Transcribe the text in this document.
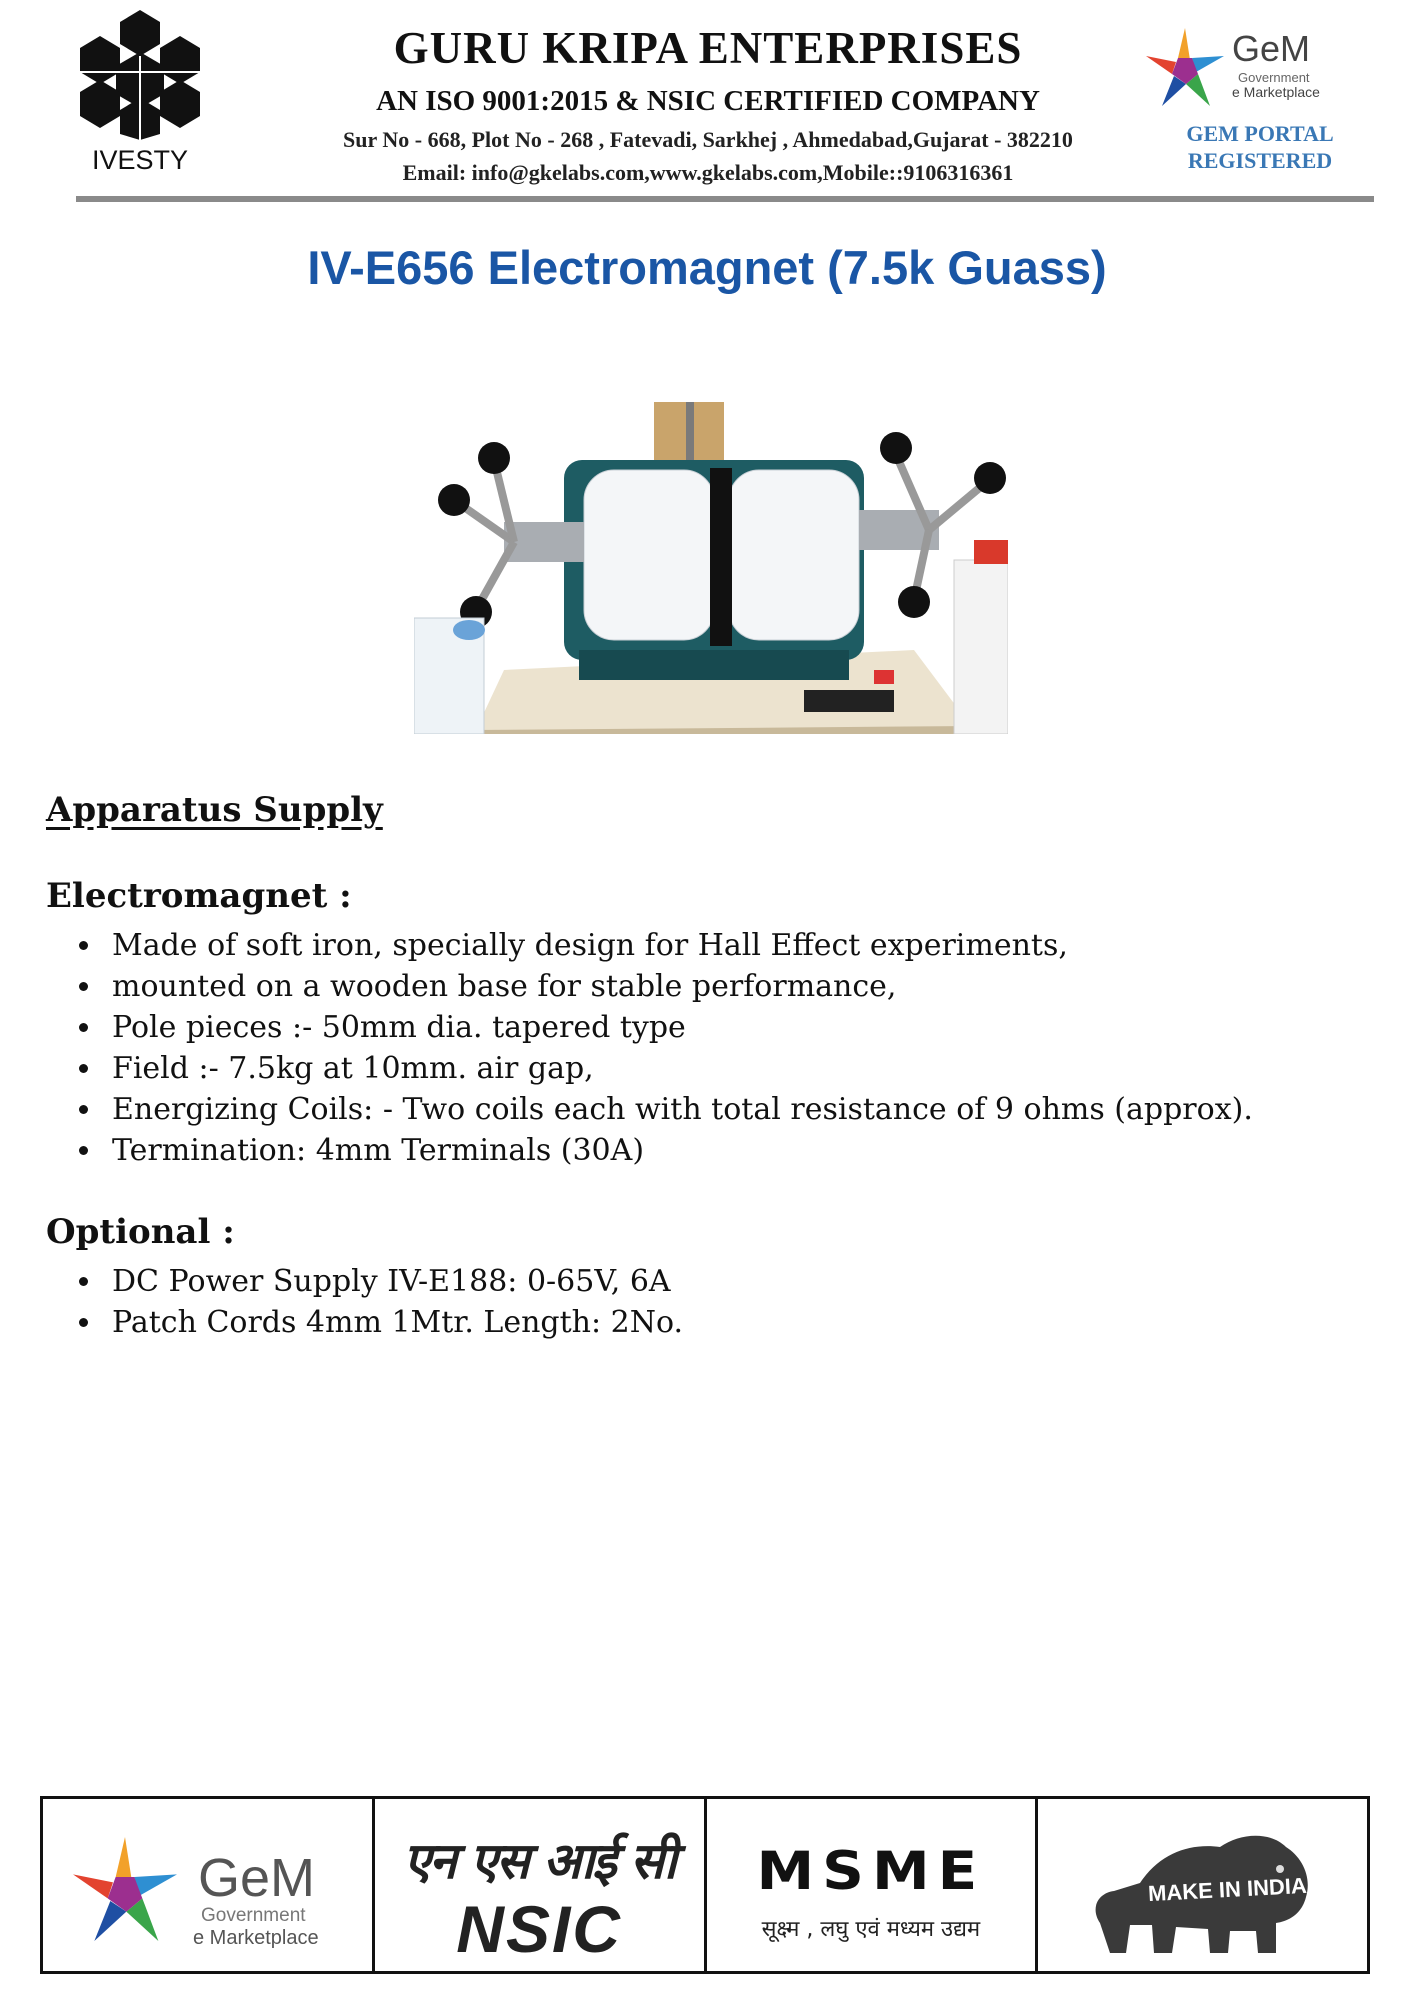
IVESTY
GURU KRIPA ENTERPRISES
AN ISO 9001:2015 & NSIC CERTIFIED COMPANY
Sur No - 668, Plot No - 268 , Fatevadi, Sarkhej , Ahmedabad,Gujarat - 382210
Email: info@gkelabs.com,www.gkelabs.com,Mobile::9106316361
GeM
Government
e Marketplace
GEM PORTAL
REGISTERED
IV-E656 Electromagnet (7.5k Guass)
Apparatus Supply
Electromagnet :
Made of soft iron, specially design for Hall Effect experiments,
mounted on a wooden base for stable performance,
Pole pieces :- 50mm dia. tapered type
Field :- 7.5kg at 10mm. air gap,
Energizing Coils: - Two coils each with total resistance of 9 ohms (approx).
Termination: 4mm Terminals (30A)
Optional :
DC Power Supply IV-E188: 0-65V, 6A
Patch Cords 4mm 1Mtr. Length: 2No.
GeM
Government
e Marketplace
एन एस आई सी
NSIC
MSME
सूक्ष्म , लघु एवं मध्यम उद्यम
MAKE IN INDIA
